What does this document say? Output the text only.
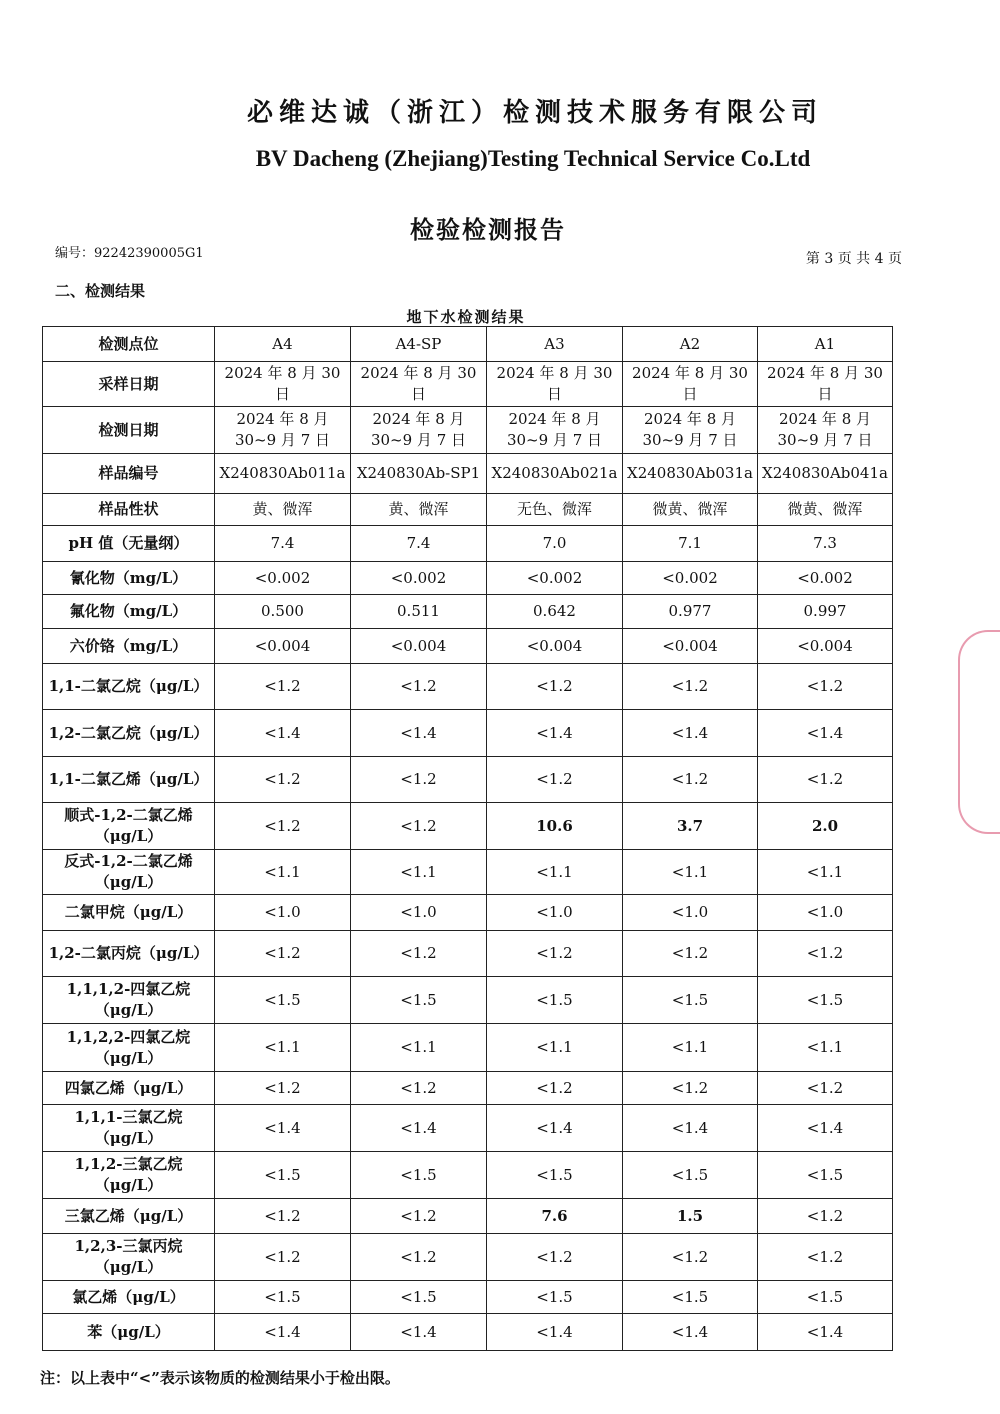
必维达诚（浙江）检测技术服务有限公司
BV Dacheng (Zhejiang)Testing Technical Service Co.Ltd
检验检测报告
编号：92242390005G1	第 3 页 共 4 页
二、检测结果
地下水检测结果
检测点位	A4	A4-SP	A3	A2	A1
采样日期	2024 年 8 月 30 日	2024 年 8 月 30 日	2024 年 8 月 30 日	2024 年 8 月 30 日	2024 年 8 月 30 日
检测日期	2024 年 8 月 30~9 月 7 日	2024 年 8 月 30~9 月 7 日	2024 年 8 月 30~9 月 7 日	2024 年 8 月 30~9 月 7 日	2024 年 8 月 30~9 月 7 日
样品编号	X240830Ab011a	X240830Ab-SP1	X240830Ab021a	X240830Ab031a	X240830Ab041a
样品性状	黄、微浑	黄、微浑	无色、微浑	微黄、微浑	微黄、微浑
pH 值（无量纲）	7.4	7.4	7.0	7.1	7.3
氰化物（mg/L）	<0.002	<0.002	<0.002	<0.002	<0.002
氟化物（mg/L）	0.500	0.511	0.642	0.977	0.997
六价铬（mg/L）	<0.004	<0.004	<0.004	<0.004	<0.004
1,1-二氯乙烷（μg/L）	<1.2	<1.2	<1.2	<1.2	<1.2
1,2-二氯乙烷（μg/L）	<1.4	<1.4	<1.4	<1.4	<1.4
1,1-二氯乙烯（μg/L）	<1.2	<1.2	<1.2	<1.2	<1.2
顺式-1,2-二氯乙烯（μg/L）	<1.2	<1.2	10.6	3.7	2.0
反式-1,2-二氯乙烯（μg/L）	<1.1	<1.1	<1.1	<1.1	<1.1
二氯甲烷（μg/L）	<1.0	<1.0	<1.0	<1.0	<1.0
1,2-二氯丙烷（μg/L）	<1.2	<1.2	<1.2	<1.2	<1.2
1,1,1,2-四氯乙烷（μg/L）	<1.5	<1.5	<1.5	<1.5	<1.5
1,1,2,2-四氯乙烷（μg/L）	<1.1	<1.1	<1.1	<1.1	<1.1
四氯乙烯（μg/L）	<1.2	<1.2	<1.2	<1.2	<1.2
1,1,1-三氯乙烷（μg/L）	<1.4	<1.4	<1.4	<1.4	<1.4
1,1,2-三氯乙烷（μg/L）	<1.5	<1.5	<1.5	<1.5	<1.5
三氯乙烯（μg/L）	<1.2	<1.2	7.6	1.5	<1.2
1,2,3-三氯丙烷（μg/L）	<1.2	<1.2	<1.2	<1.2	<1.2
氯乙烯（μg/L）	<1.5	<1.5	<1.5	<1.5	<1.5
苯（μg/L）	<1.4	<1.4	<1.4	<1.4	<1.4
注：以上表中“<”表示该物质的检测结果小于检出限。
